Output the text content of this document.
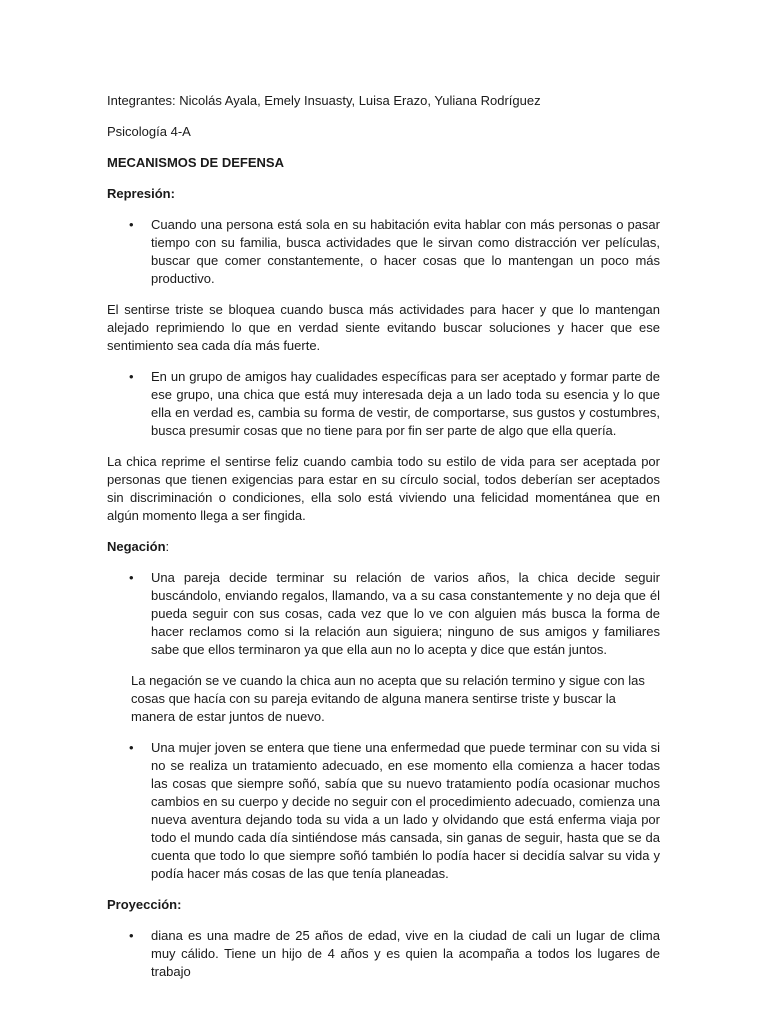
Integrantes: Nicolás Ayala, Emely Insuasty, Luisa Erazo, Yuliana Rodríguez

Psicología 4-A

MECANISMOS DE DEFENSA

Represión:

• Cuando una persona está sola en su habitación evita hablar con más personas o pasar tiempo con su familia, busca actividades que le sirvan como distracción ver películas, buscar que comer constantemente, o hacer cosas que lo mantengan un poco más productivo.

El sentirse triste se bloquea cuando busca más actividades para hacer y que lo mantengan alejado reprimiendo lo que en verdad siente evitando buscar soluciones y hacer que ese sentimiento sea cada día más fuerte.

• En un grupo de amigos hay cualidades específicas para ser aceptado y formar parte de ese grupo, una chica que está muy interesada deja a un lado toda su esencia y lo que ella en verdad es, cambia su forma de vestir, de comportarse, sus gustos y costumbres, busca presumir cosas que no tiene para por fin ser parte de algo que ella quería.

La chica reprime el sentirse feliz cuando cambia todo su estilo de vida para ser aceptada por personas que tienen exigencias para estar en su círculo social, todos deberían ser aceptados sin discriminación o condiciones, ella solo está viviendo una felicidad momentánea que en algún momento llega a ser fingida.

Negación:

• Una pareja decide terminar su relación de varios años, la chica decide seguir buscándolo, enviando regalos, llamando, va a su casa constantemente y no deja que él pueda seguir con sus cosas, cada vez que lo ve con alguien más busca la forma de hacer reclamos como si la relación aun siguiera; ninguno de sus amigos y familiares sabe que ellos terminaron ya que ella aun no lo acepta y dice que están juntos.

La negación se ve cuando la chica aun no acepta que su relación termino y sigue con las cosas que hacía con su pareja evitando de alguna manera sentirse triste y buscar la manera de estar juntos de nuevo.

• Una mujer joven se entera que tiene una enfermedad que puede terminar con su vida si no se realiza un tratamiento adecuado, en ese momento ella comienza a hacer todas las cosas que siempre soñó, sabía que su nuevo tratamiento podía ocasionar muchos cambios en su cuerpo y decide no seguir con el procedimiento adecuado, comienza una nueva aventura dejando toda su vida a un lado y olvidando que está enferma viaja por todo el mundo cada día sintiéndose más cansada, sin ganas de seguir, hasta que se da cuenta que todo lo que siempre soñó también lo podía hacer si decidía salvar su vida y podía hacer más cosas de las que tenía planeadas.

Proyección:

• diana es una madre de 25 años de edad, vive en la ciudad de cali un lugar de clima muy cálido. Tiene un hijo de 4 años y es quien la acompaña a todos los lugares de trabajo
